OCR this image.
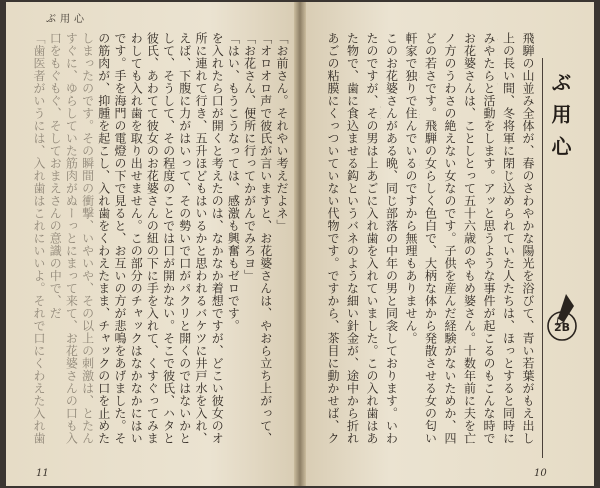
ぶ用心
11
「お前さん。それやい考えだよネ」
「オロオロ声で彼氏が言いますと、お花婆さんは、やおら立ち上がって、
「お花さん、便所に行ってかがんでみろヨ」
「はい、もうこうなっては、感激も興奮もゼロです。
を入れたら口が開くと考えたのは、なかなか着想ですが、どこい彼女のオ
所に連れて行き、五升ほどもはいるかと思われるバケツに井戸水を入れ、
えば、下腹に力がはいって、その勢いで口がパクリと開くのではないかと
して、そうして、その程度のことでは口が開かない。そこで彼氏、ハタと
彼氏、あわてて彼女のお花婆さんの紐の下に手を入れて、くすぐってみま
わしても入れ歯を取り出せません。この部分のチャックはなかなかにはい
です。手を海門の電燈の下で見ると、お互いの方が悲鳴をあげました。そ
の筋肉が、抑腫を起こし、入れ歯をくわえたまま、チャックの口を止めた
しまったのです。その瞬間の衝撃、いやいや、その以上の刺激は、とたん
すぐに、ゆらしていた筋肉がぬーっとにまって来て、お花婆さんの口も入
口をもぐもぐ、そしておまえさんの意識の中で、だ
「歯医者がいうには、入れ歯はこれにいいよ。それで口にくわえた入れ歯
ぶ用心
2B
10
飛騨の山並み全体が、春のさわやかな陽光を浴びて、青い若葉がもえ出し
上の長い間、冬将軍に閉じ込められていた人たちは、ほっとすると同時に
みやたらと活動をします。アッと思うような事件が起こるのもこんな時で
お花婆さんは、ことしとって五十六歳のやもめ婆さん。十数年前に夫を亡
ノ方のうわさの絶えない女なのです。子供を産んだ経験がないためか、四
どの若さです。飛騨の女らしく色白で、大柄な体から発散させる女の匂い
軒家で独りで住んでいるのですから無理もありません。
このお花婆さんがある晩、同じ部落の中年の男と同衾しております。いわ
たのですが、その男は上あごに入れ歯を入れていました。この入れ歯はあ
た物で、歯に食込ませる鈎というバネのような細い針金が、途中から折れ
あごの粘膜にくっついていない代物です。ですから、茶目に動かせば、ク
